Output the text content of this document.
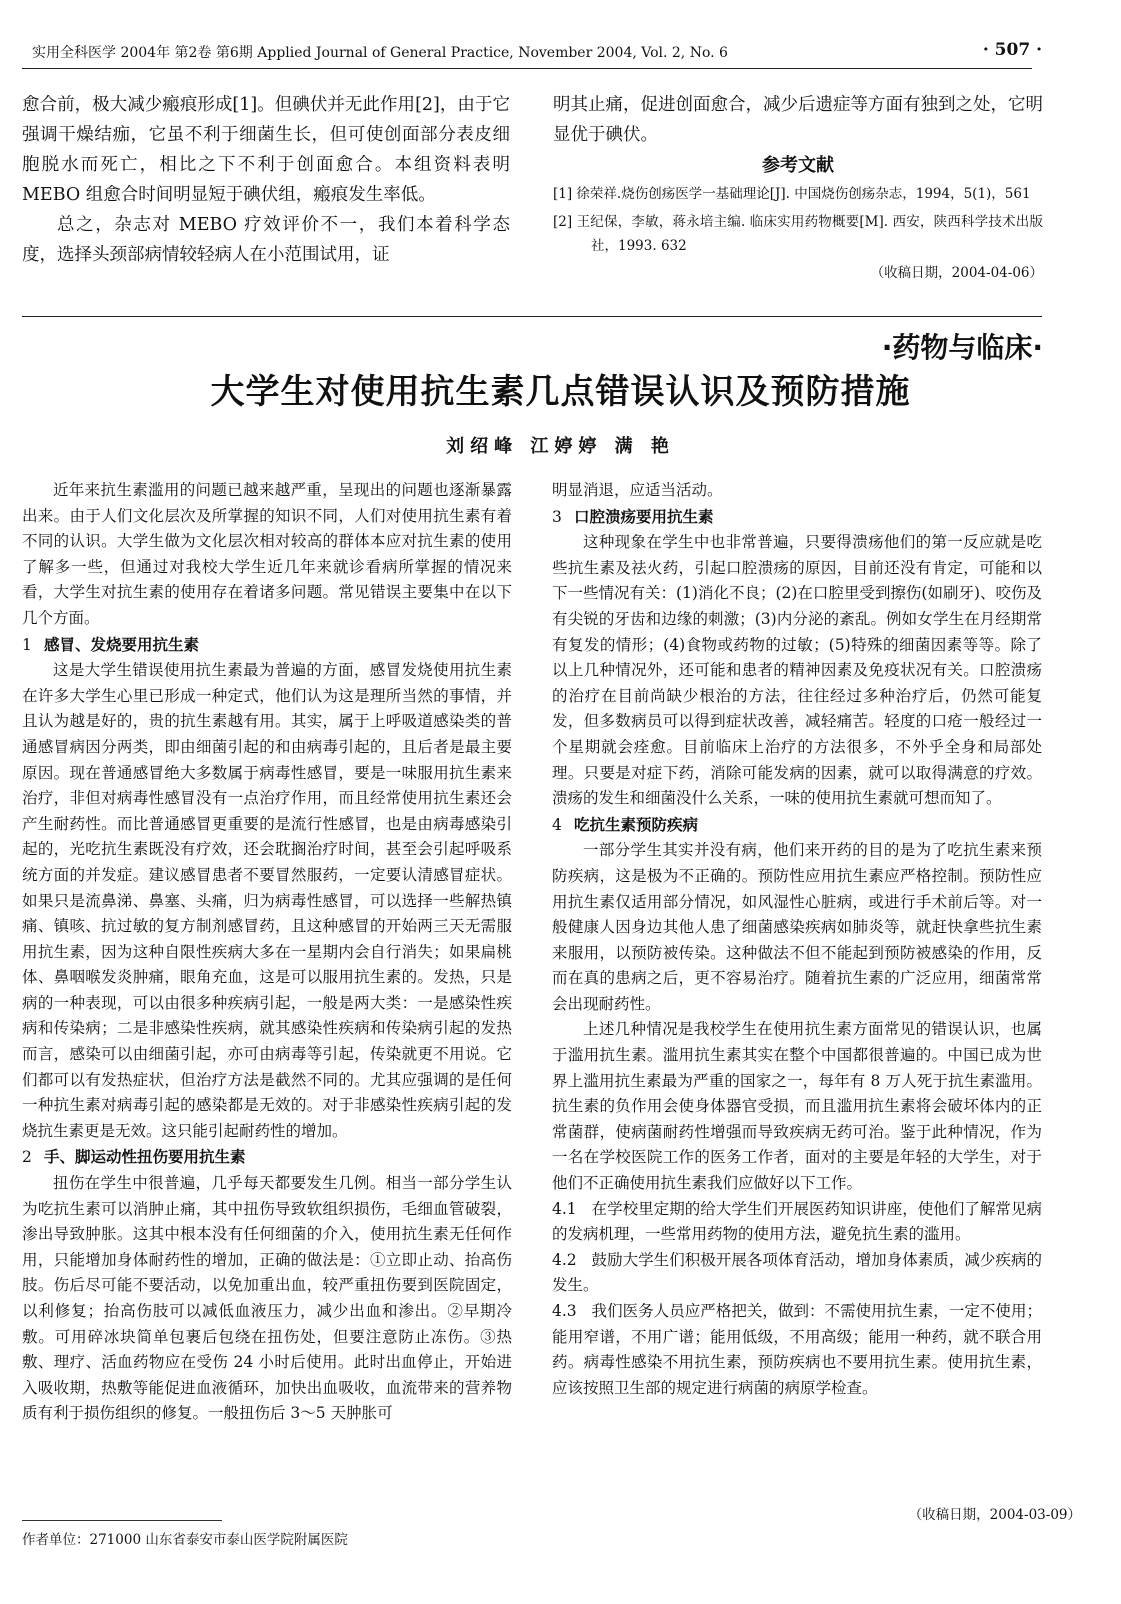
实用全科医学 2004年 第2卷 第6期 Applied Journal of General Practice, November 2004, Vol. 2, No. 6	· 507 ·

愈合前，极大减少瘢痕形成[1]。但碘伏并无此作用[2]，由于它强调干燥结痂，它虽不利于细菌生长，但可使创面部分表皮细胞脱水而死亡，相比之下不利于创面愈合。本组资料表明 MEBO 组愈合时间明显短于碘伏组，瘢痕发生率低。

总之，杂志对 MEBO 疗效评价不一，我们本着科学态度，选择头颈部病情较轻病人在小范围试用，证

明其止痛，促进创面愈合，减少后遗症等方面有独到之处，它明显优于碘伏。

参考文献
[1] 徐荣祥.烧伤创疡医学一基础理论[J]. 中国烧伤创疡杂志，1994，5(1)，561
[2] 王纪保，李敏，蒋永培主编. 临床实用药物概要[M]. 西安，陕西科学技术出版社，1993. 632
（收稿日期，2004-04-06）
·药物与临床·
大学生对使用抗生素几点错误认识及预防措施
刘绍峰 江婷婷 满 艳

近年来抗生素滥用的问题已越来越严重，呈现出的问题也逐渐暴露出来。由于人们文化层次及所掌握的知识不同，人们对使用抗生素有着不同的认识。大学生做为文化层次相对较高的群体本应对抗生素的使用了解多一些，但通过对我校大学生近几年来就诊看病所掌握的情况来看，大学生对抗生素的使用存在着诸多问题。常见错误主要集中在以下几个方面。

1 感冒、发烧要用抗生素

这是大学生错误使用抗生素最为普遍的方面，感冒发烧使用抗生素在许多大学生心里已形成一种定式，他们认为这是理所当然的事情，并且认为越是好的，贵的抗生素越有用。其实，属于上呼吸道感染类的普通感冒病因分两类，即由细菌引起的和由病毒引起的，且后者是最主要原因。现在普通感冒绝大多数属于病毒性感冒，要是一味服用抗生素来治疗，非但对病毒性感冒没有一点治疗作用，而且经常使用抗生素还会产生耐药性。而比普通感冒更重要的是流行性感冒，也是由病毒感染引起的，光吃抗生素既没有疗效，还会耽搁治疗时间，甚至会引起呼吸系统方面的并发症。建议感冒患者不要冒然服药，一定要认清感冒症状。如果只是流鼻涕、鼻塞、头痛，归为病毒性感冒，可以选择一些解热镇痛、镇咳、抗过敏的复方制剂感冒药，且这种感冒的开始两三天无需服用抗生素，因为这种自限性疾病大多在一星期内会自行消失；如果扁桃体、鼻咽喉发炎肿痛，眼角充血，这是可以服用抗生素的。发热，只是病的一种表现，可以由很多种疾病引起，一般是两大类：一是感染性疾病和传染病；二是非感染性疾病，就其感染性疾病和传染病引起的发热而言，感染可以由细菌引起，亦可由病毒等引起，传染就更不用说。它们都可以有发热症状，但治疗方法是截然不同的。尤其应强调的是任何一种抗生素对病毒引起的感染都是无效的。对于非感染性疾病引起的发烧抗生素更是无效。这只能引起耐药性的增加。

2 手、脚运动性扭伤要用抗生素

扭伤在学生中很普遍，几乎每天都要发生几例。相当一部分学生认为吃抗生素可以消肿止痛，其中扭伤导致软组织损伤，毛细血管破裂，渗出导致肿胀。这其中根本没有任何细菌的介入，使用抗生素无任何作用，只能增加身体耐药性的增加，正确的做法是：①立即止动、抬高伤肢。伤后尽可能不要活动，以免加重出血，较严重扭伤要到医院固定，以利修复；抬高伤肢可以减低血液压力，减少出血和渗出。②早期冷敷。可用碎冰块简单包裹后包绕在扭伤处，但要注意防止冻伤。③热敷、理疗、活血药物应在受伤 24 小时后使用。此时出血停止，开始进入吸收期，热敷等能促进血液循环，加快出血吸收，血流带来的营养物质有利于损伤组织的修复。一般扭伤后 3～5 天肿胀可

明显消退，应适当活动。

3 口腔溃疡要用抗生素

这种现象在学生中也非常普遍，只要得溃疡他们的第一反应就是吃些抗生素及祛火药，引起口腔溃疡的原因，目前还没有肯定，可能和以下一些情况有关：(1)消化不良；(2)在口腔里受到擦伤(如刷牙)、咬伤及有尖锐的牙齿和边缘的刺激；(3)内分泌的紊乱。例如女学生在月经期常有复发的情形；(4)食物或药物的过敏；(5)特殊的细菌因素等等。除了以上几种情况外，还可能和患者的精神因素及免疫状况有关。口腔溃疡的治疗在目前尚缺少根治的方法，往往经过多种治疗后，仍然可能复发，但多数病员可以得到症状改善，减轻痛苦。轻度的口疮一般经过一个星期就会痊愈。目前临床上治疗的方法很多，不外乎全身和局部处理。只要是对症下药，消除可能发病的因素，就可以取得满意的疗效。溃疡的发生和细菌没什么关系，一味的使用抗生素就可想而知了。

4 吃抗生素预防疾病

一部分学生其实并没有病，他们来开药的目的是为了吃抗生素来预防疾病，这是极为不正确的。预防性应用抗生素应严格控制。预防性应用抗生素仅适用部分情况，如风湿性心脏病，或进行手术前后等。对一般健康人因身边其他人患了细菌感染疾病如肺炎等，就赶快拿些抗生素来服用，以预防被传染。这种做法不但不能起到预防被感染的作用，反而在真的患病之后，更不容易治疗。随着抗生素的广泛应用，细菌常常会出现耐药性。

上述几种情况是我校学生在使用抗生素方面常见的错误认识，也属于滥用抗生素。滥用抗生素其实在整个中国都很普遍的。中国已成为世界上滥用抗生素最为严重的国家之一，每年有 8 万人死于抗生素滥用。抗生素的负作用会使身体器官受损，而且滥用抗生素将会破坏体内的正常菌群，使病菌耐药性增强而导致疾病无药可治。鉴于此种情况，作为一名在学校医院工作的医务工作者，面对的主要是年轻的大学生，对于他们不正确使用抗生素我们应做好以下工作。

4.1 在学校里定期的给大学生们开展医药知识讲座，使他们了解常见病的发病机理，一些常用药物的使用方法，避免抗生素的滥用。

4.2 鼓励大学生们积极开展各项体育活动，增加身体素质，减少疾病的发生。

4.3 我们医务人员应严格把关，做到：不需使用抗生素，一定不使用；能用窄谱，不用广谱；能用低级，不用高级；能用一种药，就不联合用药。病毒性感染不用抗生素，预防疾病也不要用抗生素。使用抗生素，应该按照卫生部的规定进行病菌的病原学检查。

（收稿日期，2004-03-09）
作者单位：271000 山东省泰安市泰山医学院附属医院
